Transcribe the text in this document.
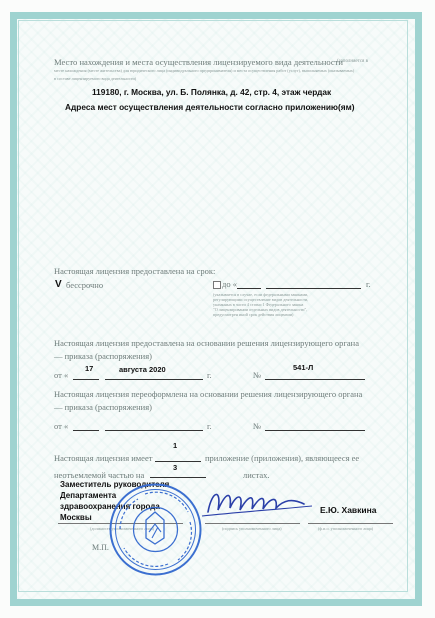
Место нахождения и места осуществления лицензируемого вида деятельности
(заполняется в
месте нахождения (месте жительства) для юридического лица (индивидуального предпринимателя) и места осуществления работ (услуг), выполняемых (оказываемых)
в составе лицензируемого вида деятельности)
119180, г. Москва, ул. Б. Полянка, д. 42, стр. 4, этаж чердак
Адреса мест осуществления деятельности согласно приложению(ям)
Настоящая лицензия предоставлена на срок:
V бессрочно	до «	г.
(указывается в случае, если федеральными законами,
регулирующими осуществление видов деятельности,
указанных в части 4 статьи 1 Федерального закона
"О лицензировании отдельных видов деятельности",
предусмотрен иной срок действия лицензии)
Настоящая лицензия предоставлена на основании решения лицензирующего органа
— приказа (распоряжения)
от «
17	августа 2020
г.	№
541-Л
Настоящая лицензия переоформлена на основании решения лицензирующего органа
— приказа (распоряжения)
от «	г.	№
Настоящая лицензия имеет
1
приложение (приложения), являющееся ее
неотъемлемой частью на
3
листах.
Заместитель руководителя
Департамента
здравоохранения города
Москвы
(должность уполномоченного лица)	(подпись уполномоченного лица)
Е.Ю. Хавкина
(ф.и.о. уполномоченного лица)
М.П.
